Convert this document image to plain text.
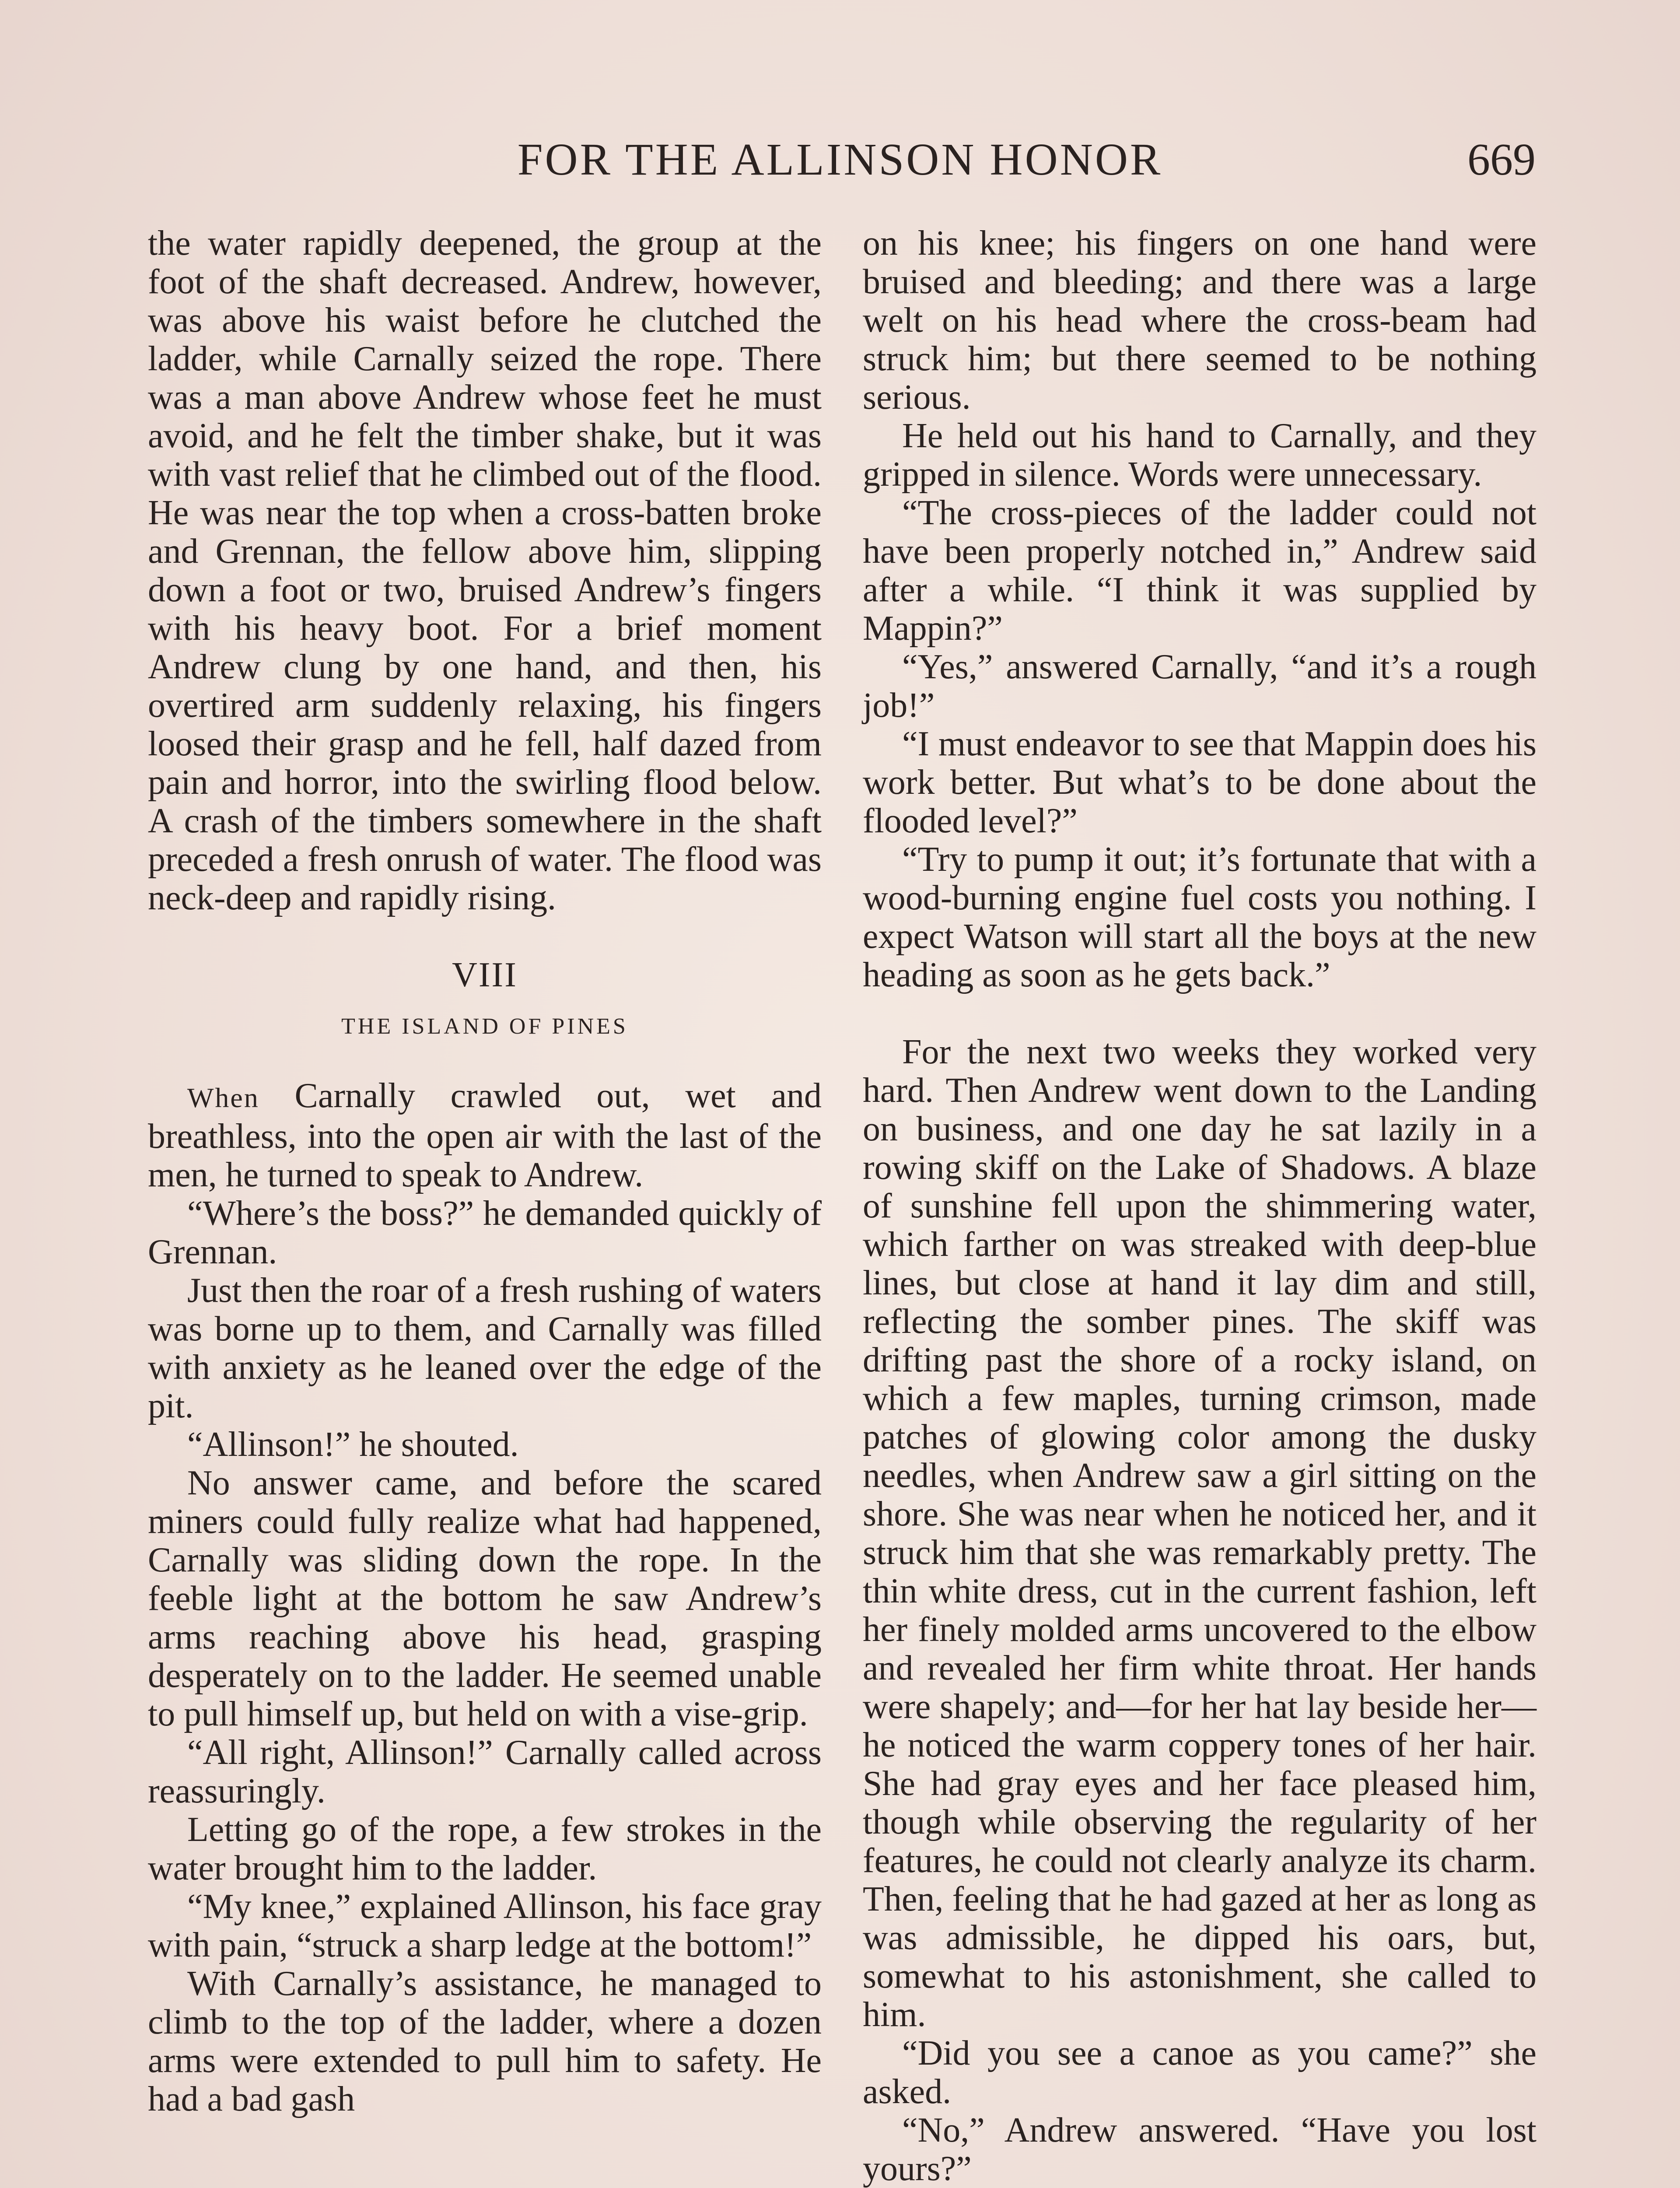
FOR THE ALLINSON HONOR	669

the water rapidly deepened, the group at the foot of the shaft decreased. Andrew, however, was above his waist before he clutched the ladder, while Carnally seized the rope. There was a man above Andrew whose feet he must avoid, and he felt the timber shake, but it was with vast relief that he climbed out of the flood. He was near the top when a cross-batten broke and Grennan, the fellow above him, slipping down a foot or two, bruised Andrew’s fingers with his heavy boot. For a brief moment Andrew clung by one hand, and then, his overtired arm suddenly relaxing, his fingers loosed their grasp and he fell, half dazed from pain and horror, into the swirling flood below. A crash of the timbers somewhere in the shaft preceded a fresh onrush of water. The flood was neck-deep and rapidly rising.

VIII
THE ISLAND OF PINES

When Carnally crawled out, wet and breathless, into the open air with the last of the men, he turned to speak to Andrew.

“Where’s the boss?” he demanded quickly of Grennan.

Just then the roar of a fresh rushing of waters was borne up to them, and Carnally was filled with anxiety as he leaned over the edge of the pit.

“Allinson!” he shouted.

No answer came, and before the scared miners could fully realize what had happened, Carnally was sliding down the rope. In the feeble light at the bottom he saw Andrew’s arms reaching above his head, grasping desperately on to the ladder. He seemed unable to pull himself up, but held on with a vise-grip.

“All right, Allinson!” Carnally called across reassuringly.

Letting go of the rope, a few strokes in the water brought him to the ladder.

“My knee,” explained Allinson, his face gray with pain, “struck a sharp ledge at the bottom!”

With Carnally’s assistance, he managed to climb to the top of the ladder, where a dozen arms were extended to pull him to safety. He had a bad gash

on his knee; his fingers on one hand were bruised and bleeding; and there was a large welt on his head where the cross-beam had struck him; but there seemed to be nothing serious.

He held out his hand to Carnally, and they gripped in silence. Words were unnecessary.

“The cross-pieces of the ladder could not have been properly notched in,” Andrew said after a while. “I think it was supplied by Mappin?”

“Yes,” answered Carnally, “and it’s a rough job!”

“I must endeavor to see that Mappin does his work better. But what’s to be done about the flooded level?”

“Try to pump it out; it’s fortunate that with a wood-burning engine fuel costs you nothing. I expect Watson will start all the boys at the new heading as soon as he gets back.”

For the next two weeks they worked very hard. Then Andrew went down to the Landing on business, and one day he sat lazily in a rowing skiff on the Lake of Shadows. A blaze of sunshine fell upon the shimmering water, which farther on was streaked with deep-blue lines, but close at hand it lay dim and still, reflecting the somber pines. The skiff was drifting past the shore of a rocky island, on which a few maples, turning crimson, made patches of glowing color among the dusky needles, when Andrew saw a girl sitting on the shore. She was near when he noticed her, and it struck him that she was remarkably pretty. The thin white dress, cut in the current fashion, left her finely molded arms uncovered to the elbow and revealed her firm white throat. Her hands were shapely; and—for her hat lay beside her—he noticed the warm coppery tones of her hair. She had gray eyes and her face pleased him, though while observing the regularity of her features, he could not clearly analyze its charm. Then, feeling that he had gazed at her as long as was admissible, he dipped his oars, but, somewhat to his astonishment, she called to him.

“Did you see a canoe as you came?” she asked.

“No,” Andrew answered. “Have you lost yours?”
